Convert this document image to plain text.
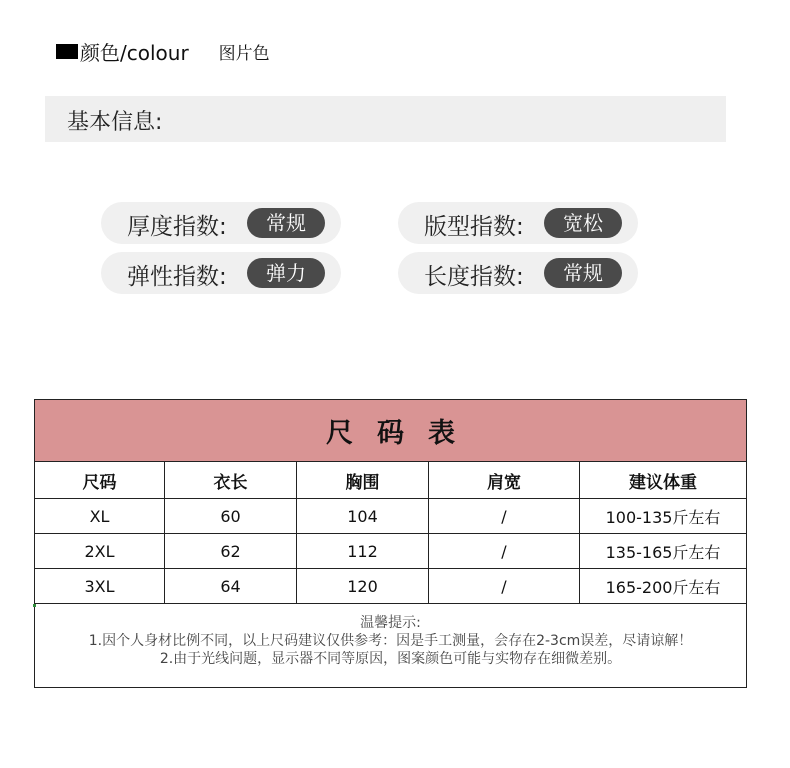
颜色/colour 图片色
基本信息:
厚度指数:	常规	版型指数:	宽松
弹性指数:	弹力	长度指数:	常规
尺码表				
尺码	衣长	胸围	肩宽	建议体重
XL	60	104	/	100-135斤左右
2XL	62	112	/	135-165斤左右
3XL	64	120	/	165-200斤左右

温馨提示:
1.因个人身材比例不同，以上尺码建议仅供参考：因是手工测量，会存在2-3cm误差，尽请谅解！
2.由于光线问题，显示器不同等原因，图案颜色可能与实物存在细微差别。				
